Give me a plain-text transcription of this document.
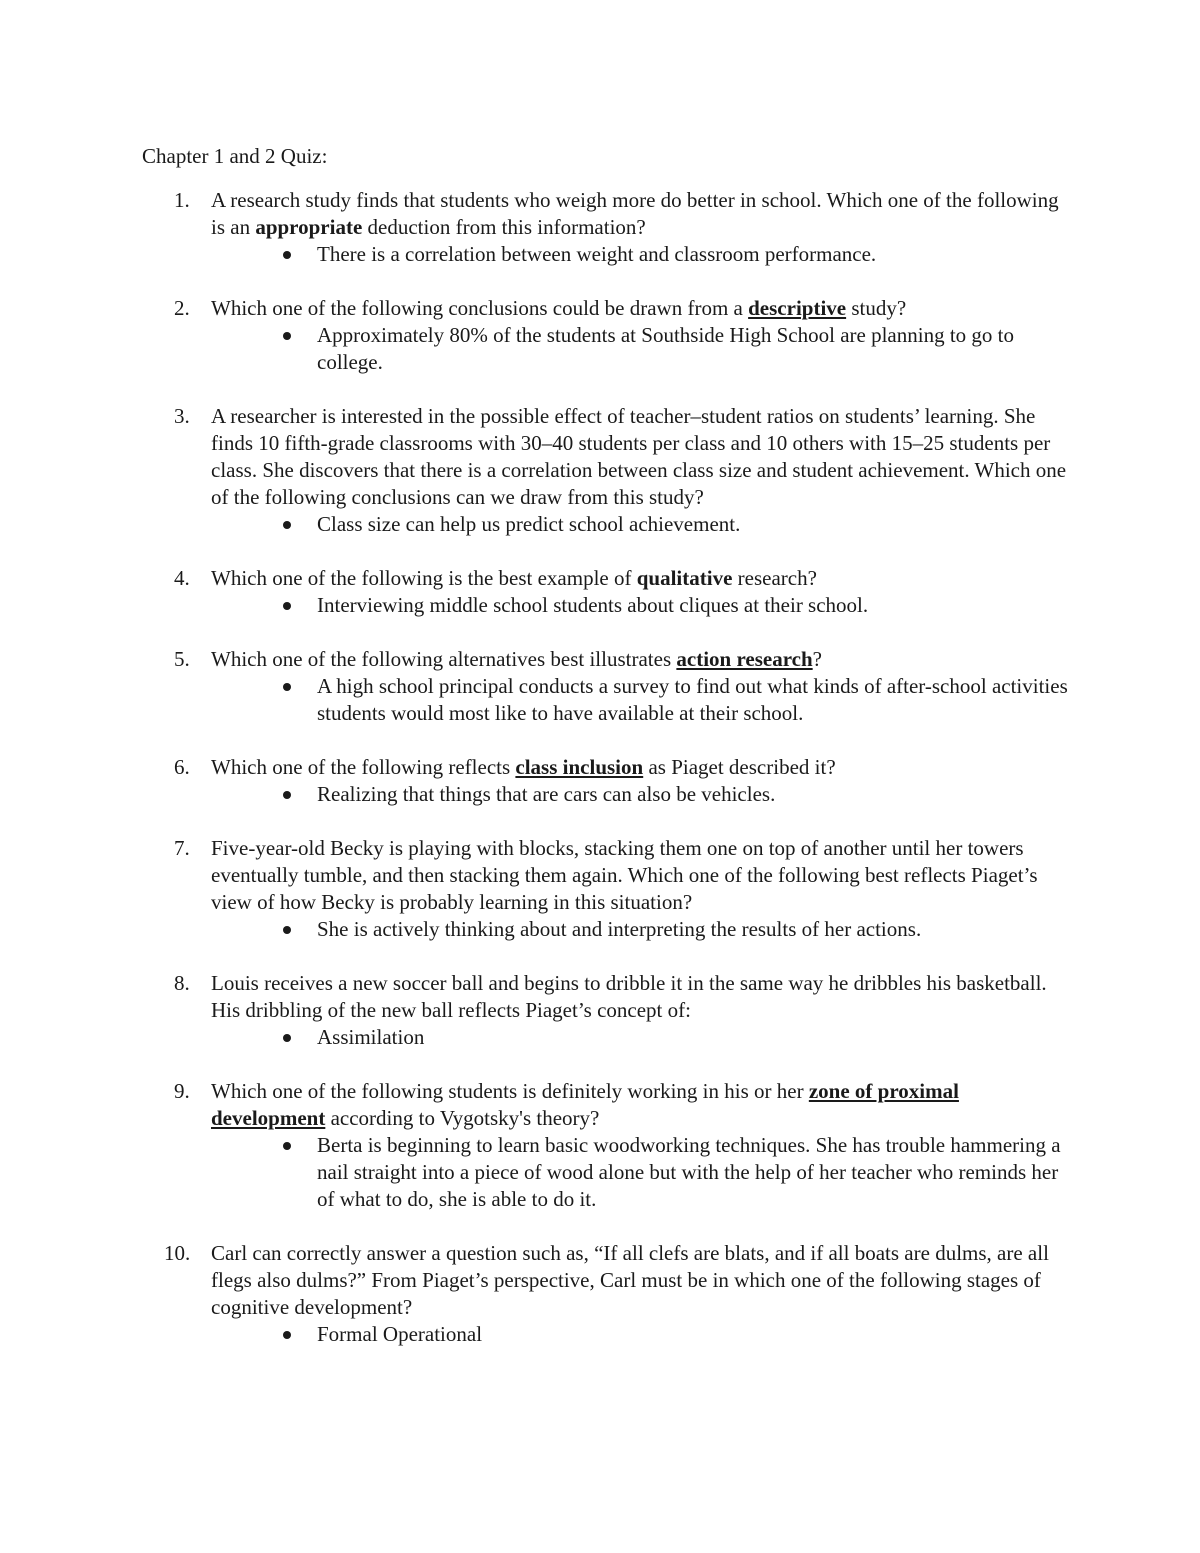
Chapter 1 and 2 Quiz:
1. A research study finds that students who weigh more do better in school. Which one of the following is an appropriate deduction from this information?
There is a correlation between weight and classroom performance.
2. Which one of the following conclusions could be drawn from a descriptive study?
Approximately 80% of the students at Southside High School are planning to go to college.
3. A researcher is interested in the possible effect of teacher–student ratios on students’ learning. She finds 10 fifth-grade classrooms with 30–40 students per class and 10 others with 15–25 students per class. She discovers that there is a correlation between class size and student achievement. Which one of the following conclusions can we draw from this study?
Class size can help us predict school achievement.
4. Which one of the following is the best example of qualitative research?
Interviewing middle school students about cliques at their school.
5. Which one of the following alternatives best illustrates action research?
A high school principal conducts a survey to find out what kinds of after-school activities students would most like to have available at their school.
6. Which one of the following reflects class inclusion as Piaget described it?
Realizing that things that are cars can also be vehicles.
7. Five-year-old Becky is playing with blocks, stacking them one on top of another until her towers eventually tumble, and then stacking them again. Which one of the following best reflects Piaget’s view of how Becky is probably learning in this situation?
She is actively thinking about and interpreting the results of her actions.
8. Louis receives a new soccer ball and begins to dribble it in the same way he dribbles his basketball. His dribbling of the new ball reflects Piaget’s concept of:
Assimilation
9. Which one of the following students is definitely working in his or her zone of proximal development according to Vygotsky's theory?
Berta is beginning to learn basic woodworking techniques. She has trouble hammering a nail straight into a piece of wood alone but with the help of her teacher who reminds her of what to do, she is able to do it.
10. Carl can correctly answer a question such as, “If all clefs are blats, and if all boats are dulms, are all flegs also dulms?” From Piaget’s perspective, Carl must be in which one of the following stages of cognitive development?
Formal Operational
